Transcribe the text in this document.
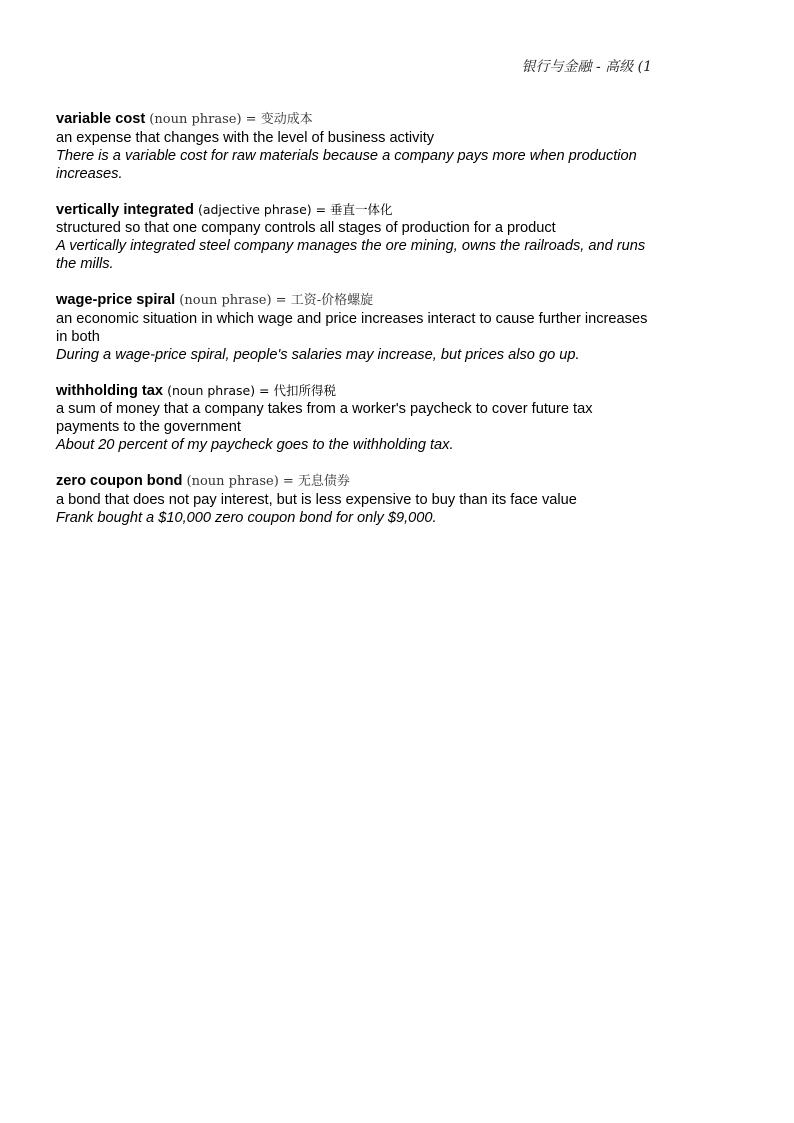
银行与金融 - 高级 (1
variable cost (noun phrase) = 变动成本
an expense that changes with the level of business activity
There is a variable cost for raw materials because a company pays more when production increases.
vertically integrated (adjective phrase) = 垂直一体化
structured so that one company controls all stages of production for a product
A vertically integrated steel company manages the ore mining, owns the railroads, and runs the mills.
wage-price spiral (noun phrase) = 工资-价格螺旋
an economic situation in which wage and price increases interact to cause further increases in both
During a wage-price spiral, people's salaries may increase, but prices also go up.
withholding tax (noun phrase) = 代扣所得税
a sum of money that a company takes from a worker's paycheck to cover future tax payments to the government
About 20 percent of my paycheck goes to the withholding tax.
zero coupon bond (noun phrase) = 无息债券
a bond that does not pay interest, but is less expensive to buy than its face value
Frank bought a $10,000 zero coupon bond for only $9,000.
